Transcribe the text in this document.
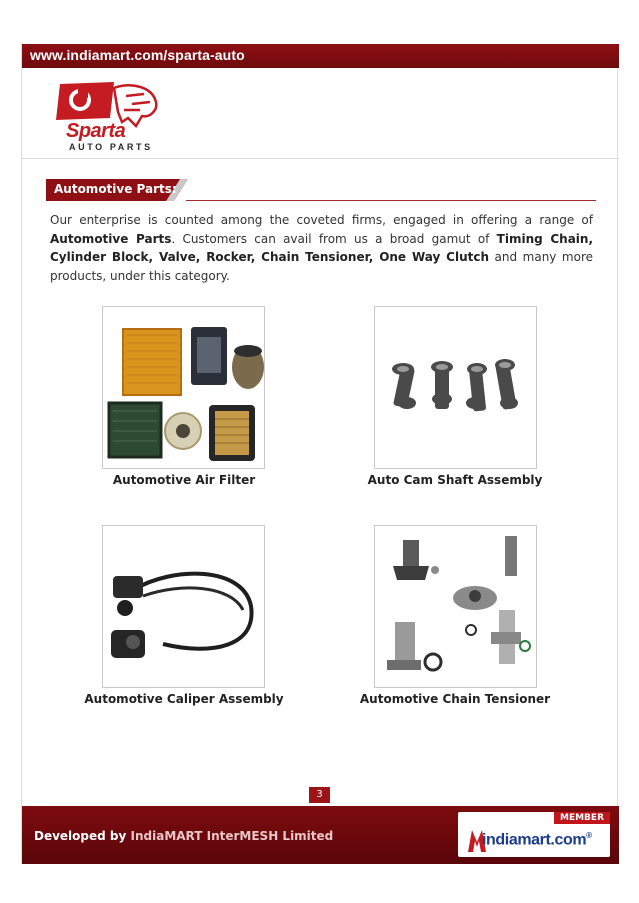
www.indiamart.com/sparta-auto
Sparta
AUTO PARTS
Automotive Parts:

Our enterprise is counted among the coveted firms, engaged in offering a range of Automotive Parts. Customers can avail from us a broad gamut of Timing Chain, Cylinder Block, Valve, Rocker, Chain Tensioner, One Way Clutch and many more products, under this category.

Automotive Air Filter	Auto Cam Shaft Assembly
Automotive Caliper Assembly	Automotive Chain Tensioner
3
Developed by IndiaMART InterMESH Limited
MEMBER
indiamart.com®
